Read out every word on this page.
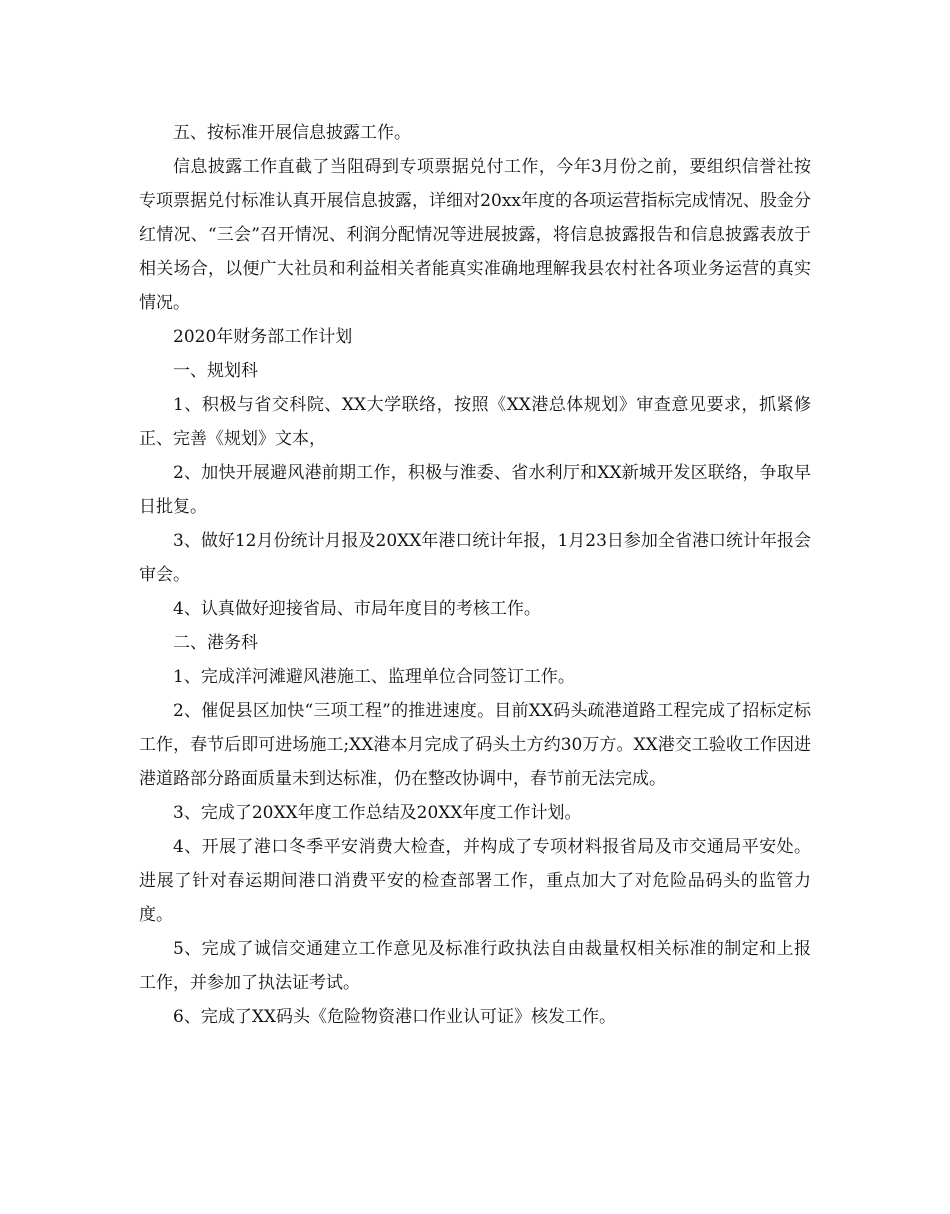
五、按标准开展信息披露工作。

信息披露工作直截了当阻碍到专项票据兑付工作，今年3月份之前，要组织信誉社按专项票据兑付标准认真开展信息披露，详细对20xx年度的各项运营指标完成情况、股金分红情况、“三会”召开情况、利润分配情况等进展披露，将信息披露报告和信息披露表放于相关场合，以便广大社员和利益相关者能真实准确地理解我县农村社各项业务运营的真实情况。

2020年财务部工作计划

一、规划科

1、积极与省交科院、XX大学联络，按照《XX港总体规划》审查意见要求，抓紧修正、完善《规划》文本，

2、加快开展避风港前期工作，积极与淮委、省水利厅和XX新城开发区联络，争取早日批复。

3、做好12月份统计月报及20XX年港口统计年报，1月23日参加全省港口统计年报会审会。

4、认真做好迎接省局、市局年度目的考核工作。

二、港务科

1、完成洋河滩避风港施工、监理单位合同签订工作。

2、催促县区加快“三项工程”的推进速度。目前XX码头疏港道路工程完成了招标定标工作，春节后即可进场施工;XX港本月完成了码头土方约30万方。XX港交工验收工作因进港道路部分路面质量未到达标准，仍在整改协调中，春节前无法完成。

3、完成了20XX年度工作总结及20XX年度工作计划。

4、开展了港口冬季平安消费大检查，并构成了专项材料报省局及市交通局平安处。进展了针对春运期间港口消费平安的检查部署工作，重点加大了对危险品码头的监管力度。

5、完成了诚信交通建立工作意见及标准行政执法自由裁量权相关标准的制定和上报工作，并参加了执法证考试。

6、完成了XX码头《危险物资港口作业认可证》核发工作。
